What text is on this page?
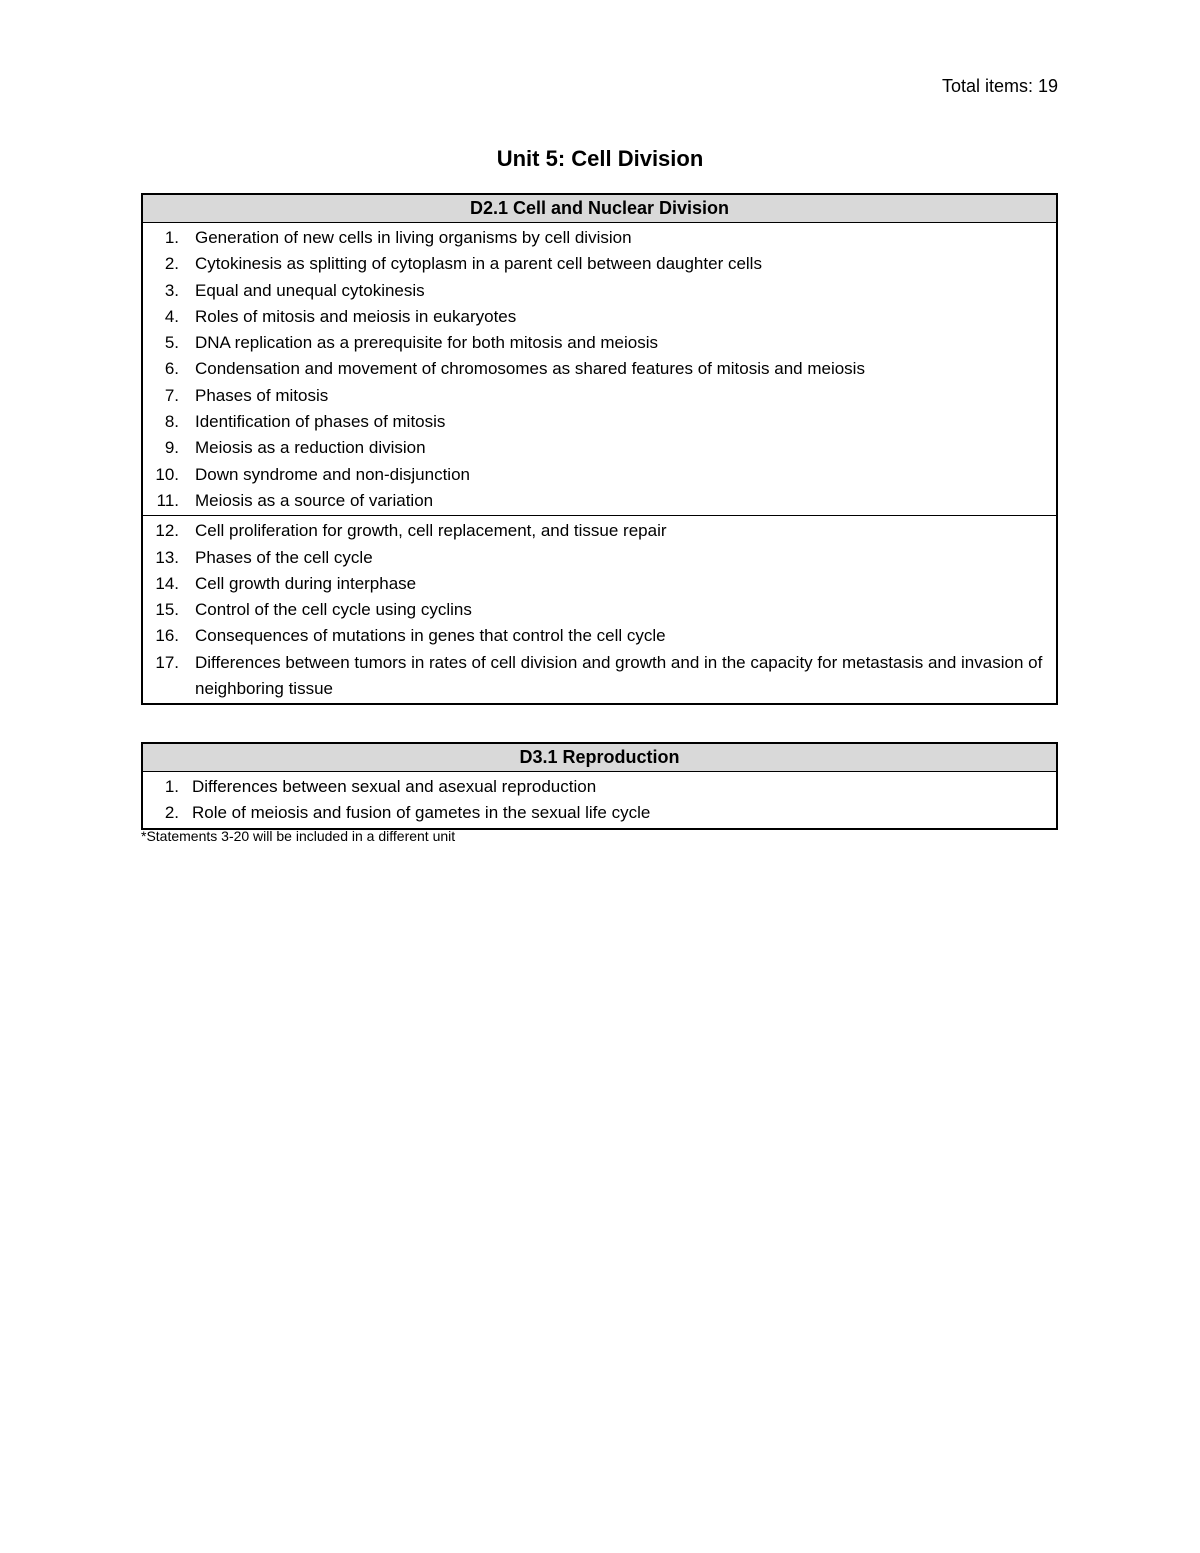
Total items: 19
Unit 5: Cell Division
D2.1 Cell and Nuclear Division
1. Generation of new cells in living organisms by cell division
2. Cytokinesis as splitting of cytoplasm in a parent cell between daughter cells
3. Equal and unequal cytokinesis
4. Roles of mitosis and meiosis in eukaryotes
5. DNA replication as a prerequisite for both mitosis and meiosis
6. Condensation and movement of chromosomes as shared features of mitosis and meiosis
7. Phases of mitosis
8. Identification of phases of mitosis
9. Meiosis as a reduction division
10. Down syndrome and non-disjunction
11. Meiosis as a source of variation
12. Cell proliferation for growth, cell replacement, and tissue repair
13. Phases of the cell cycle
14. Cell growth during interphase
15. Control of the cell cycle using cyclins
16. Consequences of mutations in genes that control the cell cycle
17. Differences between tumors in rates of cell division and growth and in the capacity for metastasis and invasion of neighboring tissue
D3.1 Reproduction
1. Differences between sexual and asexual reproduction
2. Role of meiosis and fusion of gametes in the sexual life cycle
*Statements 3-20 will be included in a different unit
